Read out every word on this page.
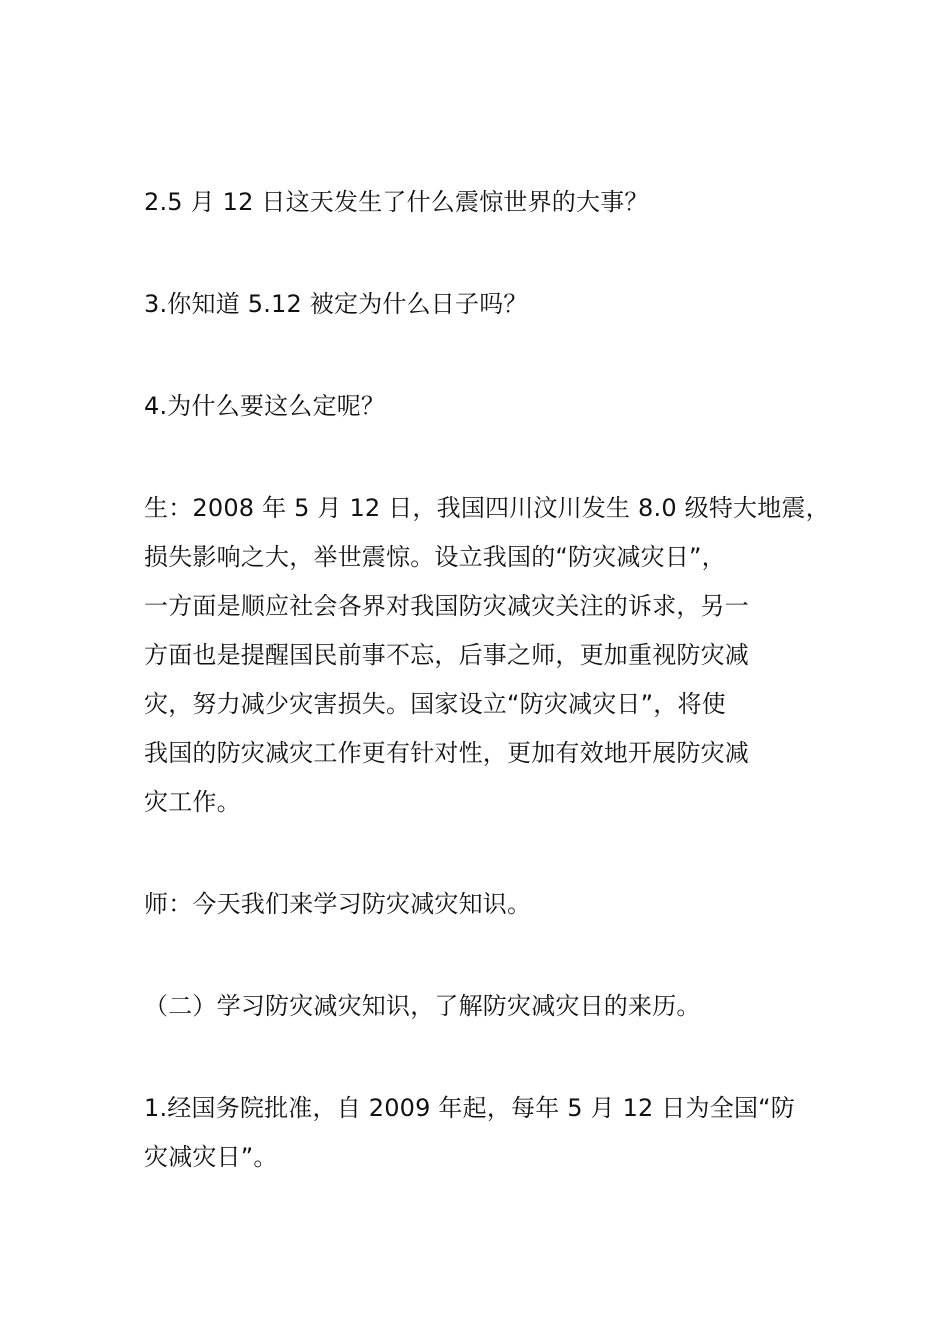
2.5 月 12 日这天发生了什么震惊世界的大事？

3.你知道 5.12 被定为什么日子吗？

4.为什么要这么定呢？

生：2008 年 5 月 12 日，我国四川汶川发生 8.0 级特大地震，
损失影响之大，举世震惊。设立我国的“防灾减灾日”，
一方面是顺应社会各界对我国防灾减灾关注的诉求，另一
方面也是提醒国民前事不忘，后事之师，更加重视防灾减
灾，努力减少灾害损失。国家设立“防灾减灾日”，将使
我国的防灾减灾工作更有针对性，更加有效地开展防灾减
灾工作。

师：今天我们来学习防灾减灾知识。

（二）学习防灾减灾知识，了解防灾减灾日的来历。

1.经国务院批准，自 2009 年起，每年 5 月 12 日为全国“防
灾减灾日”。
